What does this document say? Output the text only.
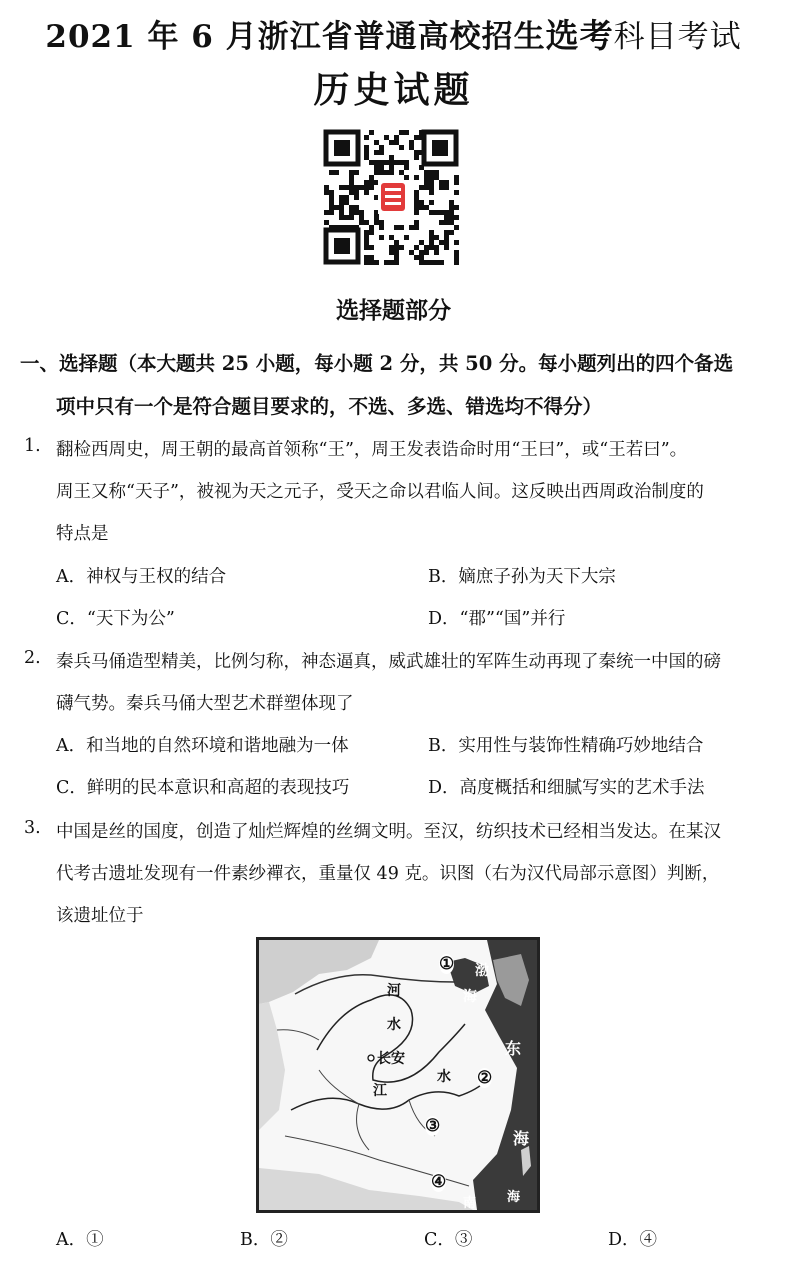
2021 年 6 月浙江省普通高校招生选考科目考试
历史试题
选择题部分
一、选择题（本大题共 25 小题，每小题 2 分，共 50 分。每小题列出的四个备选
项中只有一个是符合题目要求的，不选、多选、错选均不得分）
1. 翻检西周史，周王朝的最高首领称“王”，周王发表诰命时用“王曰”，或“王若曰”。
周王又称“天子”，被视为天之元子，受天之命以君临人间。这反映出西周政治制度的
特点是
A．神权与王权的结合	B．嫡庶子孙为天下大宗
C．“天下为公”	D．“郡”“国”并行
2. 秦兵马俑造型精美，比例匀称，神态逼真，威武雄壮的军阵生动再现了秦统一中国的磅
礴气势。秦兵马俑大型艺术群塑体现了
A．和当地的自然环境和谐地融为一体	B．实用性与装饰性精确巧妙地结合
C．鲜明的民本意识和高超的表现技巧	D．高度概括和细腻写实的艺术手法
3. 中国是丝的国度，创造了灿烂辉煌的丝绸文明。至汉，纺织技术已经相当发达。在某汉
代考古遗址发现有一件素纱襌衣，重量仅 49 克。识图（右为汉代局部示意图）判断，
该遗址位于
河
水
长安
江
水
渤
海
东
海
南 海
①
②
③
④
A．①	B．②	C．③	D．④
